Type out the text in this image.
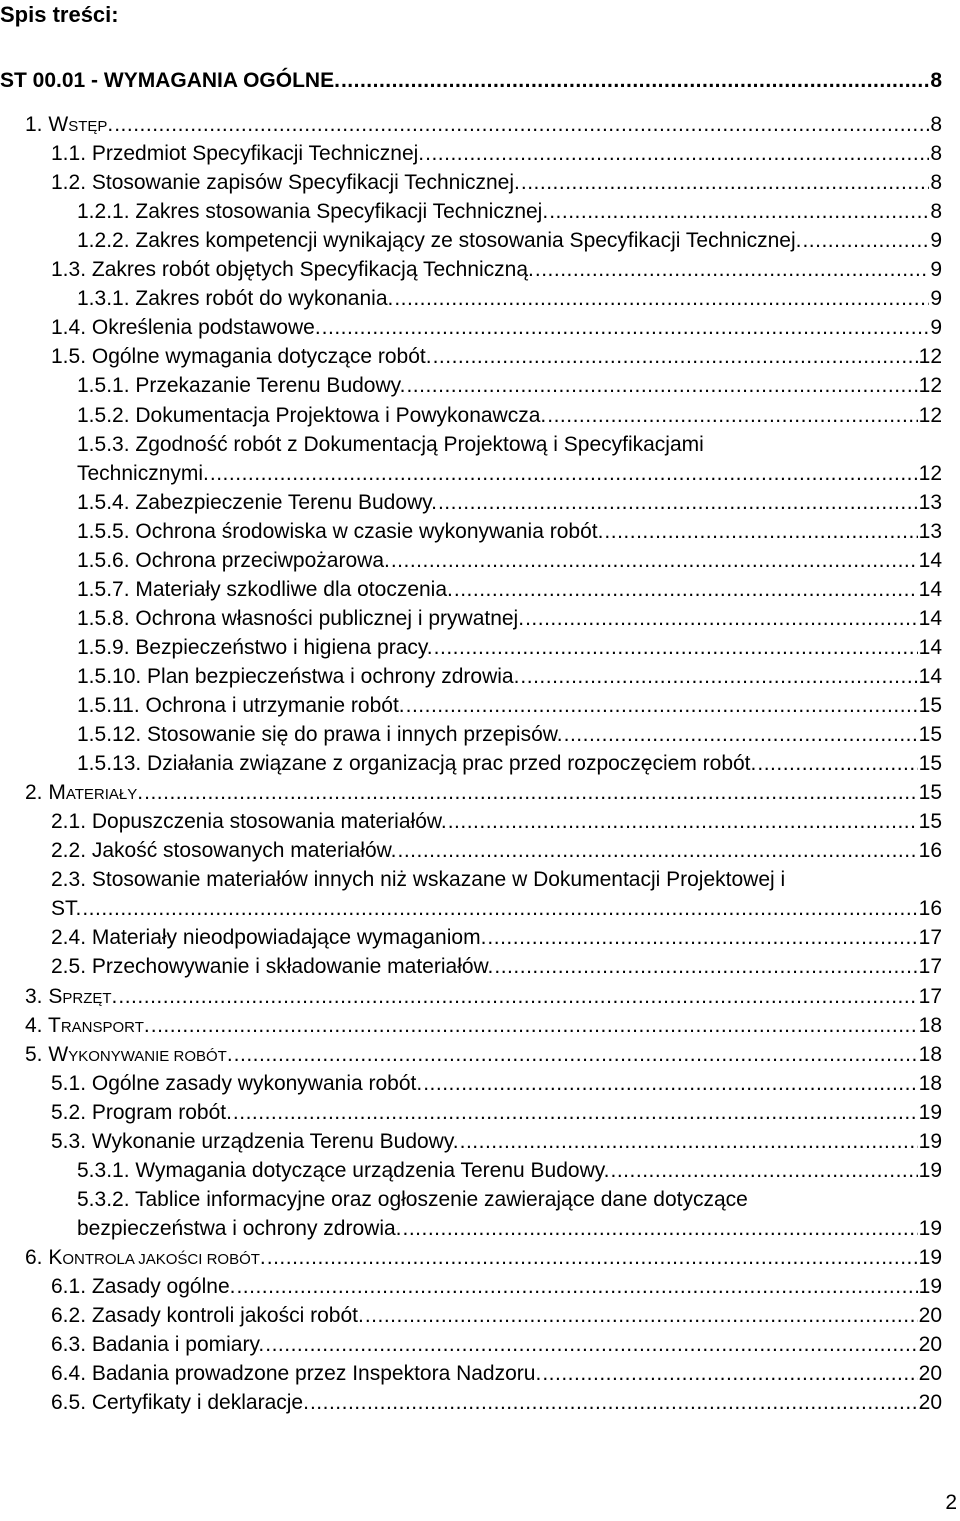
Spis treści:
ST 00.01 - WYMAGANIA OGÓLNE. .....	8
1. WSTĘP. .....	8
1.1. Przedmiot Specyfikacji Technicznej. .....	8
1.2. Stosowanie zapisów Specyfikacji Technicznej. .....	8
1.2.1. Zakres stosowania Specyfikacji Technicznej. .....	8
1.2.2. Zakres kompetencji wynikający ze stosowania Specyfikacji Technicznej. .....	9
1.3. Zakres robót objętych Specyfikacją Techniczną. .....	9
1.3.1. Zakres robót do wykonania. .....	9
1.4. Określenia podstawowe. .....	9
1.5. Ogólne wymagania dotyczące robót. .....	12
1.5.1. Przekazanie Terenu Budowy. .....	12
1.5.2. Dokumentacja Projektowa i Powykonawcza. .....	12
1.5.3. Zgodność robót z Dokumentacją Projektową i Specyfikacjami
Technicznymi. .....	12
1.5.4. Zabezpieczenie Terenu Budowy. .....	13
1.5.5. Ochrona środowiska w czasie wykonywania robót. .....	13
1.5.6. Ochrona przeciwpożarowa. .....	14
1.5.7. Materiały szkodliwe dla otoczenia. .....	14
1.5.8. Ochrona własności publicznej i prywatnej. .....	14
1.5.9. Bezpieczeństwo i higiena pracy. .....	14
1.5.10. Plan bezpieczeństwa i ochrony zdrowia. .....	14
1.5.11. Ochrona i utrzymanie robót. .....	15
1.5.12. Stosowanie się do prawa i innych przepisów. .....	15
1.5.13. Działania związane z organizacją prac przed rozpoczęciem robót. .....	15
2. MATERIAŁY. .....	15
2.1. Dopuszczenia stosowania materiałów. .....	15
2.2. Jakość stosowanych materiałów. .....	16
2.3. Stosowanie materiałów innych niż wskazane w Dokumentacji Projektowej i
ST. .....	16
2.4. Materiały nieodpowiadające wymaganiom. .....	17
2.5. Przechowywanie i składowanie materiałów. .....	17
3. SPRZĘT. .....	17
4. TRANSPORT. .....	18
5. WYKONYWANIE ROBÓT. .....	18
5.1. Ogólne zasady wykonywania robót. .....	18
5.2. Program robót. .....	19
5.3. Wykonanie urządzenia Terenu Budowy. .....	19
5.3.1. Wymagania dotyczące urządzenia Terenu Budowy. .....	19
5.3.2. Tablice informacyjne oraz ogłoszenie zawierające dane dotyczące
bezpieczeństwa i ochrony zdrowia. .....	19
6. KONTROLA JAKOŚCI ROBÓT. .....	19
6.1. Zasady ogólne. .....	19
6.2. Zasady kontroli jakości robót. .....	20
6.3. Badania i pomiary. .....	20
6.4. Badania prowadzone przez Inspektora Nadzoru. .....	20
6.5. Certyfikaty i deklaracje. .....	20
2
